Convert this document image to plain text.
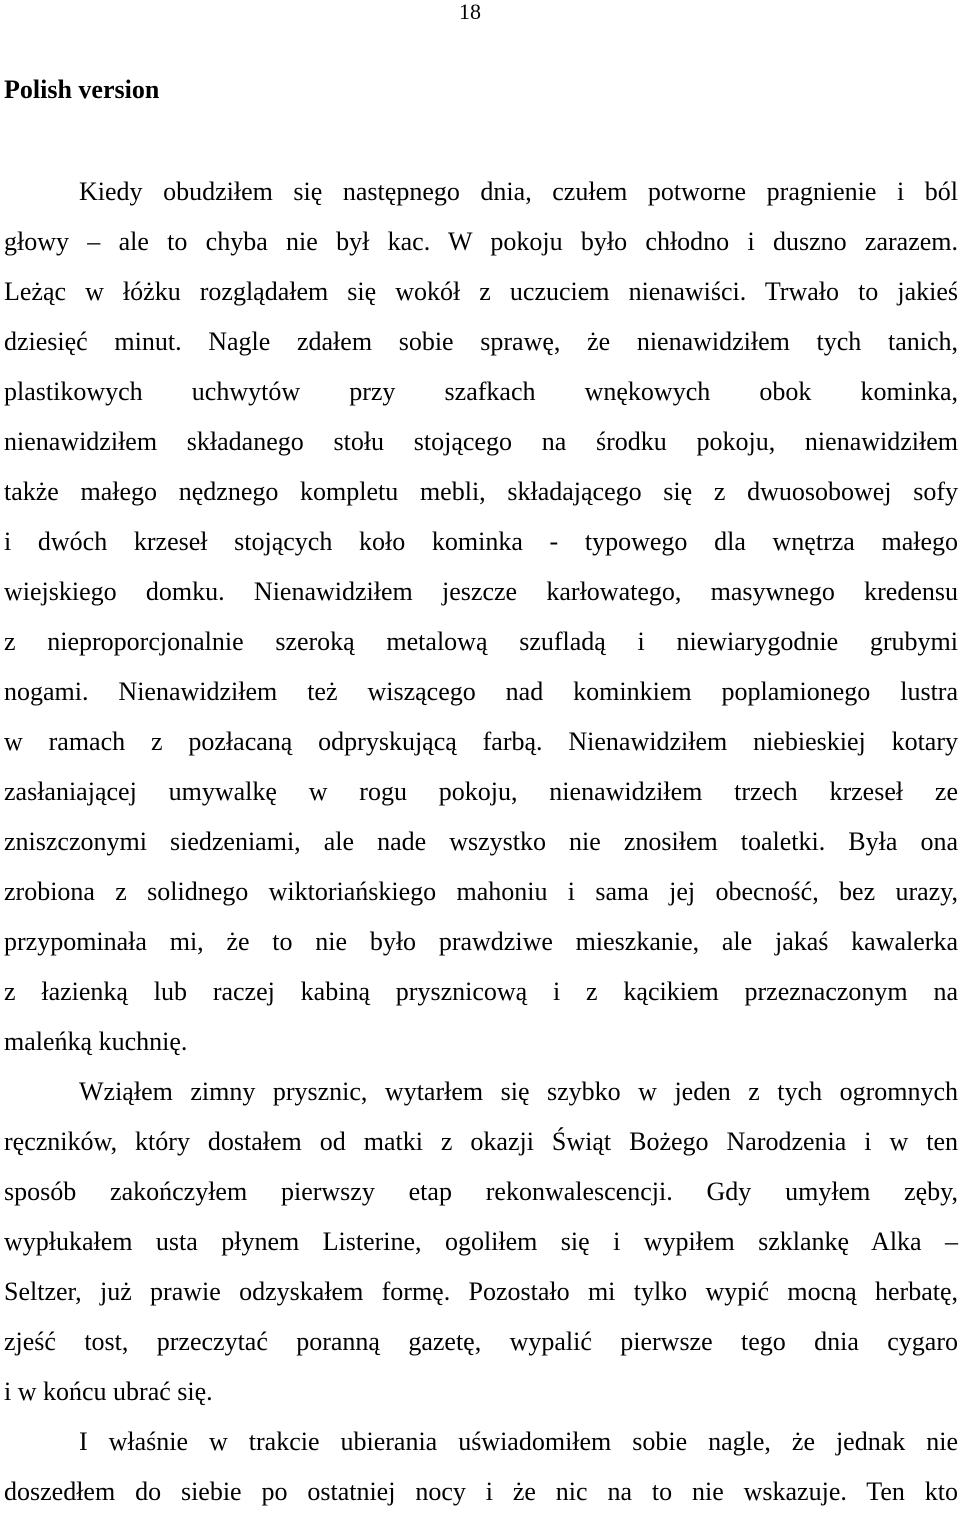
18
Polish version
Kiedy obudziłem się następnego dnia, czułem potworne pragnienie i ból
głowy – ale to chyba nie był kac. W pokoju było chłodno i duszno zarazem.
Leżąc w łóżku rozglądałem się wokół z uczuciem nienawiści. Trwało to jakieś
dziesięć minut. Nagle zdałem sobie sprawę, że nienawidziłem tych tanich,
plastikowych uchwytów przy szafkach wnękowych obok kominka,
nienawidziłem składanego stołu stojącego na środku pokoju, nienawidziłem
także małego nędznego kompletu mebli, składającego się z dwuosobowej sofy
i dwóch krzeseł stojących koło kominka - typowego dla wnętrza małego
wiejskiego domku. Nienawidziłem jeszcze karłowatego, masywnego kredensu
z nieproporcjonalnie szeroką metalową szufladą i niewiarygodnie grubymi
nogami. Nienawidziłem też wiszącego nad kominkiem poplamionego lustra
w ramach z pozłacaną odpryskującą farbą. Nienawidziłem niebieskiej kotary
zasłaniającej umywalkę w rogu pokoju, nienawidziłem trzech krzeseł ze
zniszczonymi siedzeniami, ale nade wszystko nie znosiłem toaletki. Była ona
zrobiona z solidnego wiktoriańskiego mahoniu i sama jej obecność, bez urazy,
przypominała mi, że to nie było prawdziwe mieszkanie, ale jakaś kawalerka
z łazienką lub raczej kabiną prysznicową i z kącikiem przeznaczonym na
maleńką kuchnię.
Wziąłem zimny prysznic, wytarłem się szybko w jeden z tych ogromnych
ręczników, który dostałem od matki z okazji Świąt Bożego Narodzenia i w ten
sposób zakończyłem pierwszy etap rekonwalescencji. Gdy umyłem zęby,
wypłukałem usta płynem Listerine, ogoliłem się i wypiłem szklankę Alka –
Seltzer, już prawie odzyskałem formę. Pozostało mi tylko wypić mocną herbatę,
zjeść tost, przeczytać poranną gazetę, wypalić pierwsze tego dnia cygaro
i w końcu ubrać się.
I właśnie w trakcie ubierania uświadomiłem sobie nagle, że jednak nie
doszedłem do siebie po ostatniej nocy i że nic na to nie wskazuje. Ten kto
